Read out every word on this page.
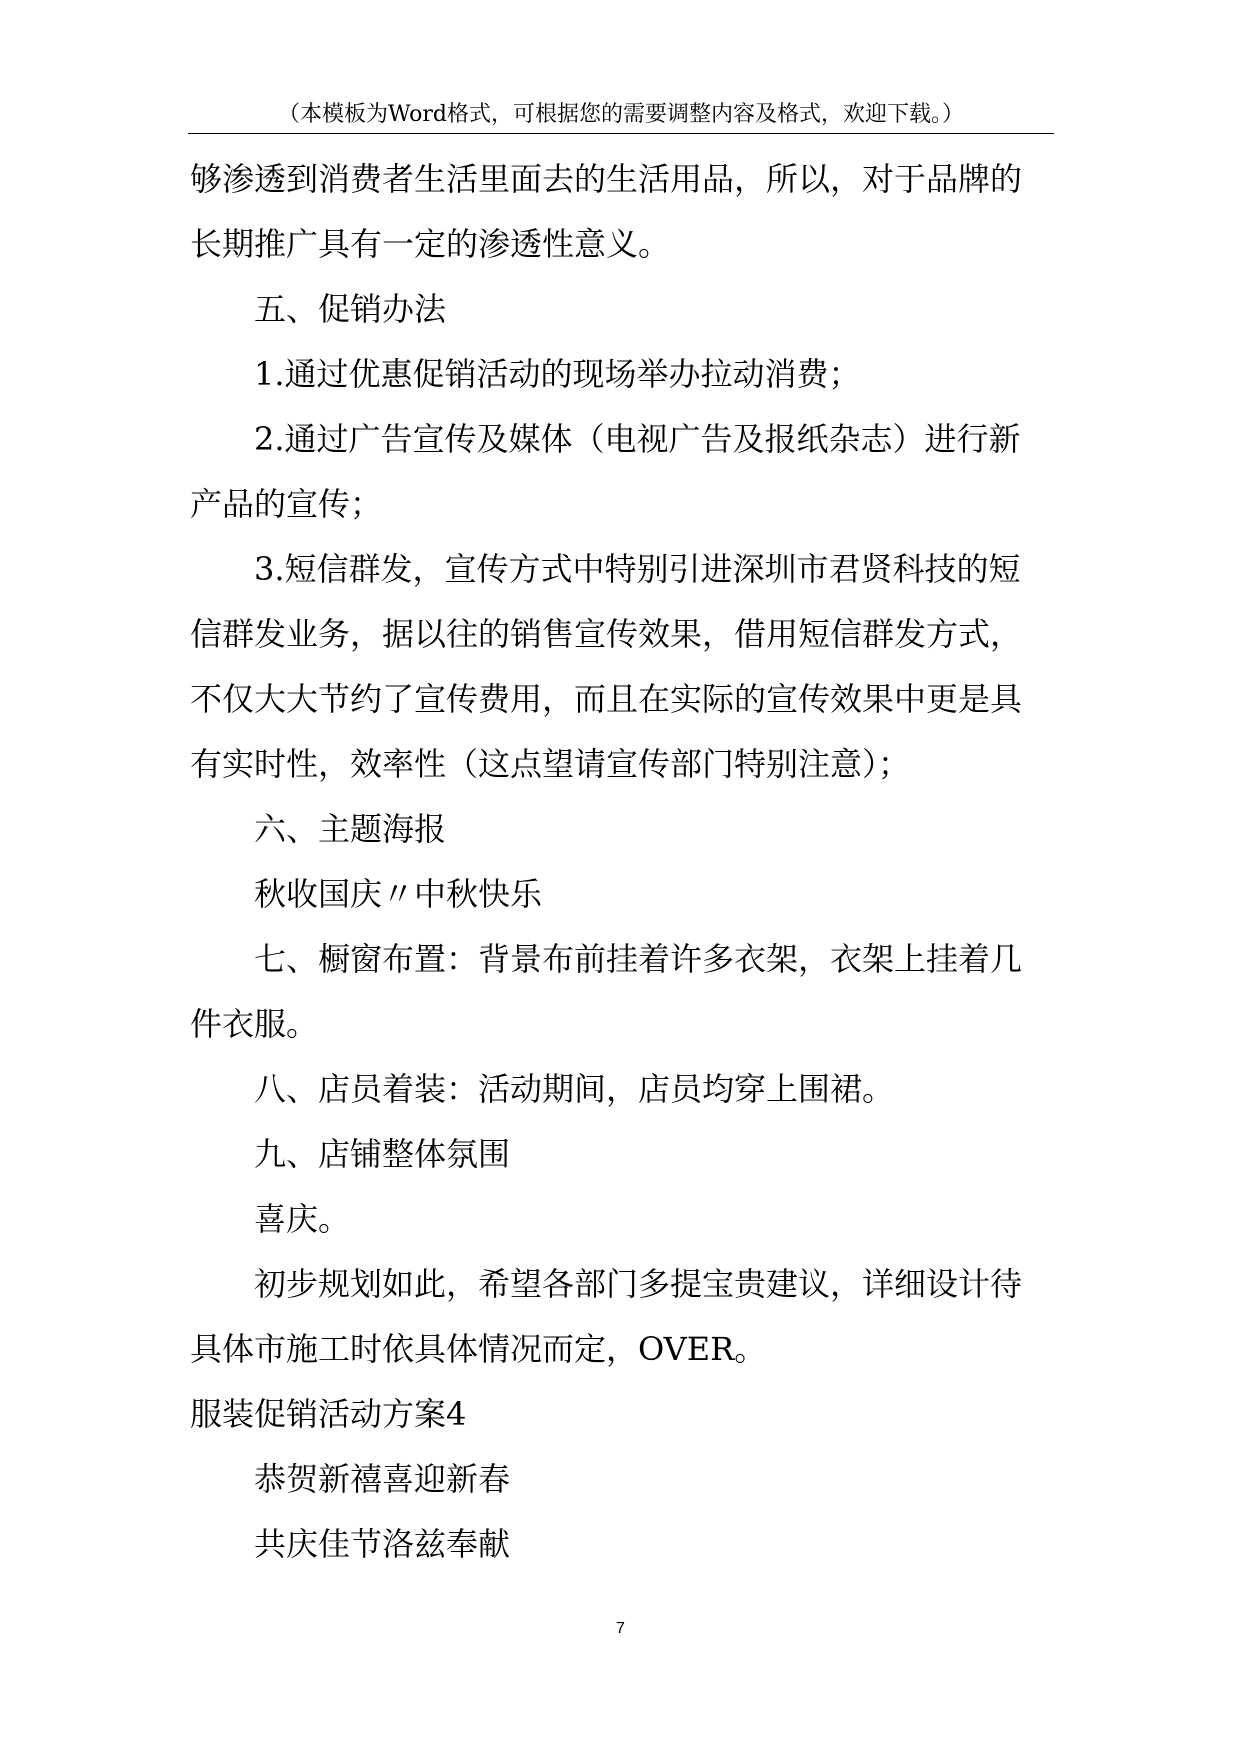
（本模板为Word格式，可根据您的需要调整内容及格式，欢迎下载。）

够渗透到消费者生活里面去的生活用品，所以，对于品牌的

长期推广具有一定的渗透性意义。

五、促销办法

1.通过优惠促销活动的现场举办拉动消费；

2.通过广告宣传及媒体（电视广告及报纸杂志）进行新

产品的宣传；

3.短信群发，宣传方式中特别引进深圳市君贤科技的短

信群发业务，据以往的销售宣传效果，借用短信群发方式，

不仅大大节约了宣传费用，而且在实际的宣传效果中更是具

有实时性，效率性（这点望请宣传部门特别注意）；

六、主题海报

秋收国庆〃中秋快乐

七、橱窗布置：背景布前挂着许多衣架，衣架上挂着几

件衣服。

八、店员着装：活动期间，店员均穿上围裙。

九、店铺整体氛围

喜庆。

初步规划如此，希望各部门多提宝贵建议，详细设计待

具体市施工时依具体情况而定，OVER。

服装促销活动方案4

恭贺新禧喜迎新春

共庆佳节洛兹奉献

7
